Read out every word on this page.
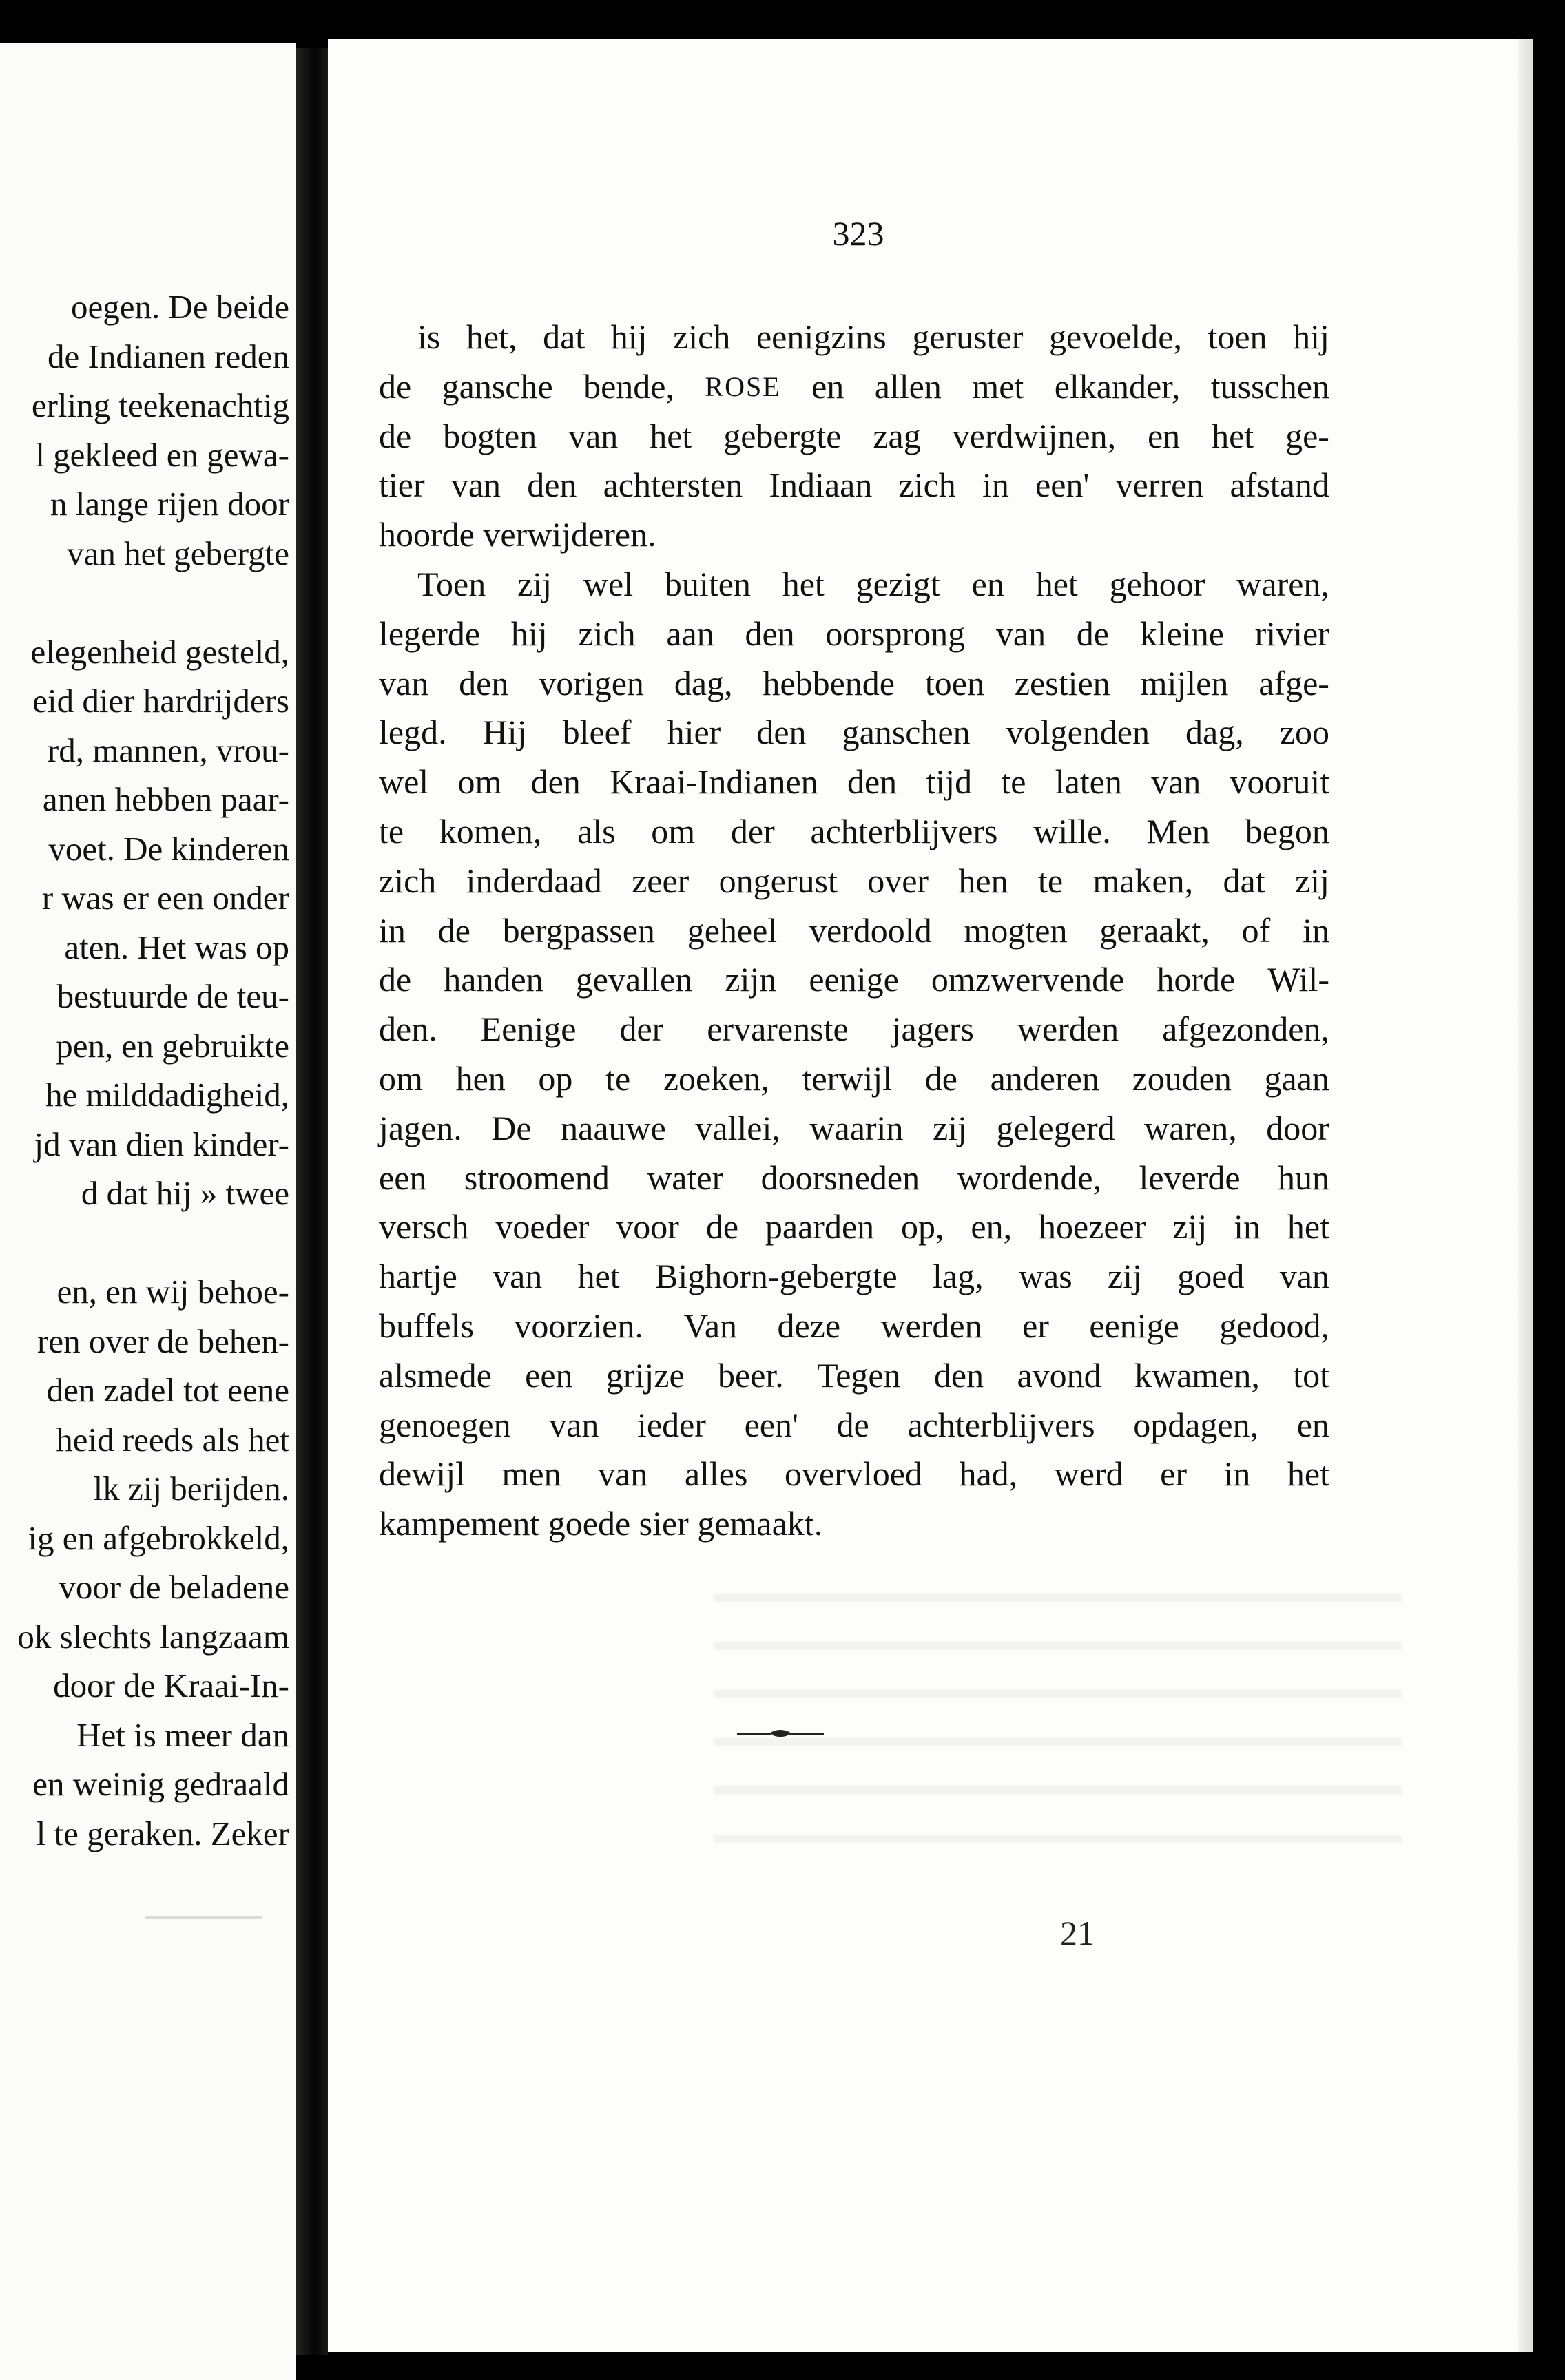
oegen. De beide
de Indianen reden
erling teekenachtig
l gekleed en gewa-
n lange rijen door
van het gebergte
elegenheid gesteld,
eid dier hardrijders
rd, mannen, vrou-
anen hebben paar-
voet. De kinderen
r was er een onder
aten. Het was op
bestuurde de teu-
pen, en gebruikte
he milddadigheid,
jd van dien kinder-
d dat hij » twee
en, en wij behoe-
ren over de behen-
den zadel tot eene
heid reeds als het
lk zij berijden.
ig en afgebrokkeld,
voor de beladene
ok slechts langzaam
door de Kraai-In-
Het is meer dan
en weinig gedraald
l te geraken. Zeker
323
is het, dat hij zich eenigzins geruster gevoelde, toen hij
de gansche bende, ROSE en allen met elkander, tusschen
de bogten van het gebergte zag verdwijnen, en het ge-
tier van den achtersten Indiaan zich in een' verren afstand
hoorde verwijderen.
Toen zij wel buiten het gezigt en het gehoor waren,
legerde hij zich aan den oorsprong van de kleine rivier
van den vorigen dag, hebbende toen zestien mijlen afge-
legd. Hij bleef hier den ganschen volgenden dag, zoo
wel om den Kraai-Indianen den tijd te laten van vooruit
te komen, als om der achterblijvers wille. Men begon
zich inderdaad zeer ongerust over hen te maken, dat zij
in de bergpassen geheel verdoold mogten geraakt, of in
de handen gevallen zijn eenige omzwervende horde Wil-
den. Eenige der ervarenste jagers werden afgezonden,
om hen op te zoeken, terwijl de anderen zouden gaan
jagen. De naauwe vallei, waarin zij gelegerd waren, door
een stroomend water doorsneden wordende, leverde hun
versch voeder voor de paarden op, en, hoezeer zij in het
hartje van het Bighorn-gebergte lag, was zij goed van
buffels voorzien. Van deze werden er eenige gedood,
alsmede een grijze beer. Tegen den avond kwamen, tot
genoegen van ieder een' de achterblijvers opdagen, en
dewijl men van alles overvloed had, werd er in het
kampement goede sier gemaakt.
21
